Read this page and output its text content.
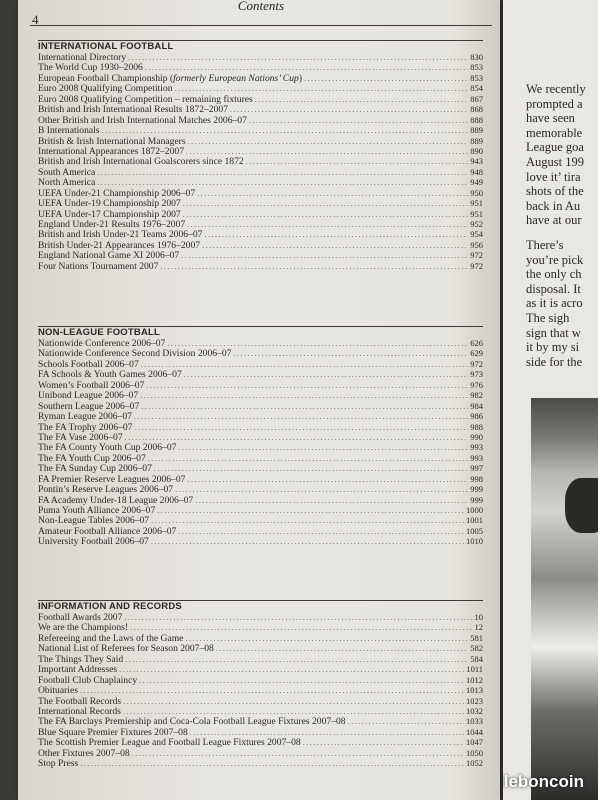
4
Contents
INTERNATIONAL FOOTBALL
International Directory .....	830
The World Cup 1930–2006 .....	853
European Football Championship (formerly European Nations’ Cup) .....	853
Euro 2008 Qualifying Competition .....	854
Euro 2008 Qualifying Competition – remaining fixtures .....	867
British and Irish International Results 1872–2007 .....	868
Other British and Irish International Matches 2006–07 .....	888
B Internationals .....	889
British & Irish International Managers .....	889
International Appearances 1872–2007 .....	890
British and Irish International Goalscorers since 1872 .....	943
South America .....	948
North America .....	949
UEFA Under-21 Championship 2006–07 .....	950
UEFA Under-19 Championship 2007 .....	951
UEFA Under-17 Championship 2007 .....	951
England Under-21 Results 1976–2007 .....	952
British and Irish Under-21 Teams 2006–07 .....	954
British Under-21 Appearances 1976–2007 .....	956
England National Game XI 2006–07 .....	972
Four Nations Tournament 2007 .....	972
NON-LEAGUE FOOTBALL
Nationwide Conference 2006–07 .....	626
Nationwide Conference Second Division 2006–07 .....	629
Schools Football 2006–07 .....	972
FA Schools & Youth Games 2006–07 .....	973
Women’s Football 2006–07 .....	976
Unibond League 2006–07 .....	982
Southern League 2006–07 .....	984
Ryman League 2006–07 .....	986
The FA Trophy 2006–07 .....	988
The FA Vase 2006–07 .....	990
The FA County Youth Cup 2006–07 .....	993
The FA Youth Cup 2006–07 .....	993
The FA Sunday Cup 2006–07 .....	997
FA Premier Reserve Leagues 2006–07 .....	998
Pontin’s Reserve Leagues 2006–07 .....	999
FA Academy Under-18 League 2006–07 .....	999
Puma Youth Alliance 2006–07 .....	1000
Non-League Tables 2006–07 .....	1001
Amateur Football Alliance 2006–07 .....	1005
University Football 2006–07 .....	1010
INFORMATION AND RECORDS
Football Awards 2007 .....	10
We are the Champions! .....	12
Refereeing and the Laws of the Game .....	581
National List of Referees for Season 2007–08 .....	582
The Things They Said .....	584
Important Addresses .....	1011
Football Club Chaplaincy .....	1012
Obituaries .....	1013
The Football Records .....	1023
International Records .....	1032
The FA Barclays Premiership and Coca-Cola Football League Fixtures 2007–08 .....	1033
Blue Square Premier Fixtures 2007–08 .....	1044
The Scottish Premier League and Football League Fixtures 2007–08 .....	1047
Other Fixtures 2007–08 .....	1050
Stop Press .....	1052
We recently
prompted a
have seen
memorable
League goa
August 199
love it’ tira
shots of the
back in Au
have at our
There’s
you’re pick
the only ch
disposal. It
as it is acro
The sigh
sign that w
it by my si
side for the
leboncoin
